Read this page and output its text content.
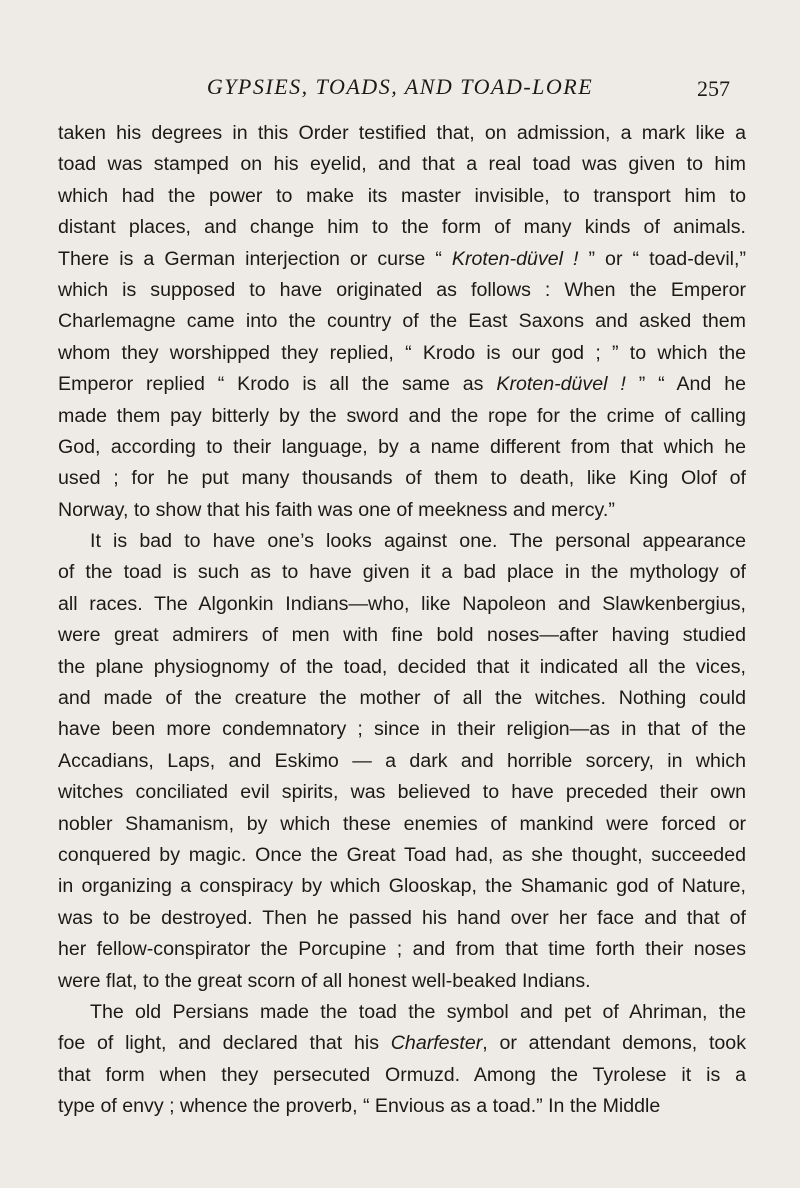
GYPSIES, TOADS, AND TOAD-LORE	257
taken his degrees in this Order testified that, on admission, a mark like a
toad was stamped on his eyelid, and that a real toad was given to him
which had the power to make its master invisible, to transport him to
distant places, and change him to the form of many kinds of animals.
There is a German interjection or curse “ Kroten-düvel ! ” or “ toad-devil,”
which is supposed to have originated as follows : When the Emperor
Charlemagne came into the country of the East Saxons and asked them
whom they worshipped they replied, “ Krodo is our god ; ” to which the
Emperor replied “ Krodo is all the same as Kroten-düvel ! ” “ And he
made them pay bitterly by the sword and the rope for the crime of calling
God, according to their language, by a name different from that which he
used ; for he put many thousands of them to death, like King Olof of
Norway, to show that his faith was one of meekness and mercy.”
It is bad to have one’s looks against one. The personal appearance
of the toad is such as to have given it a bad place in the mythology of
all races. The Algonkin Indians—who, like Napoleon and Slawkenbergius,
were great admirers of men with fine bold noses—after having studied
the plane physiognomy of the toad, decided that it indicated all the vices,
and made of the creature the mother of all the witches. Nothing could
have been more condemnatory ; since in their religion—as in that of the
Accadians, Laps, and Eskimo — a dark and horrible sorcery, in which
witches conciliated evil spirits, was believed to have preceded their own
nobler Shamanism, by which these enemies of mankind were forced or
conquered by magic. Once the Great Toad had, as she thought, succeeded
in organizing a conspiracy by which Glooskap, the Shamanic god of Nature,
was to be destroyed. Then he passed his hand over her face and that of
her fellow-conspirator the Porcupine ; and from that time forth their noses
were flat, to the great scorn of all honest well-beaked Indians.
The old Persians made the toad the symbol and pet of Ahriman, the
foe of light, and declared that his Charfester, or attendant demons, took
that form when they persecuted Ormuzd. Among the Tyrolese it is a
type of envy ; whence the proverb, “ Envious as a toad.” In the Middle
